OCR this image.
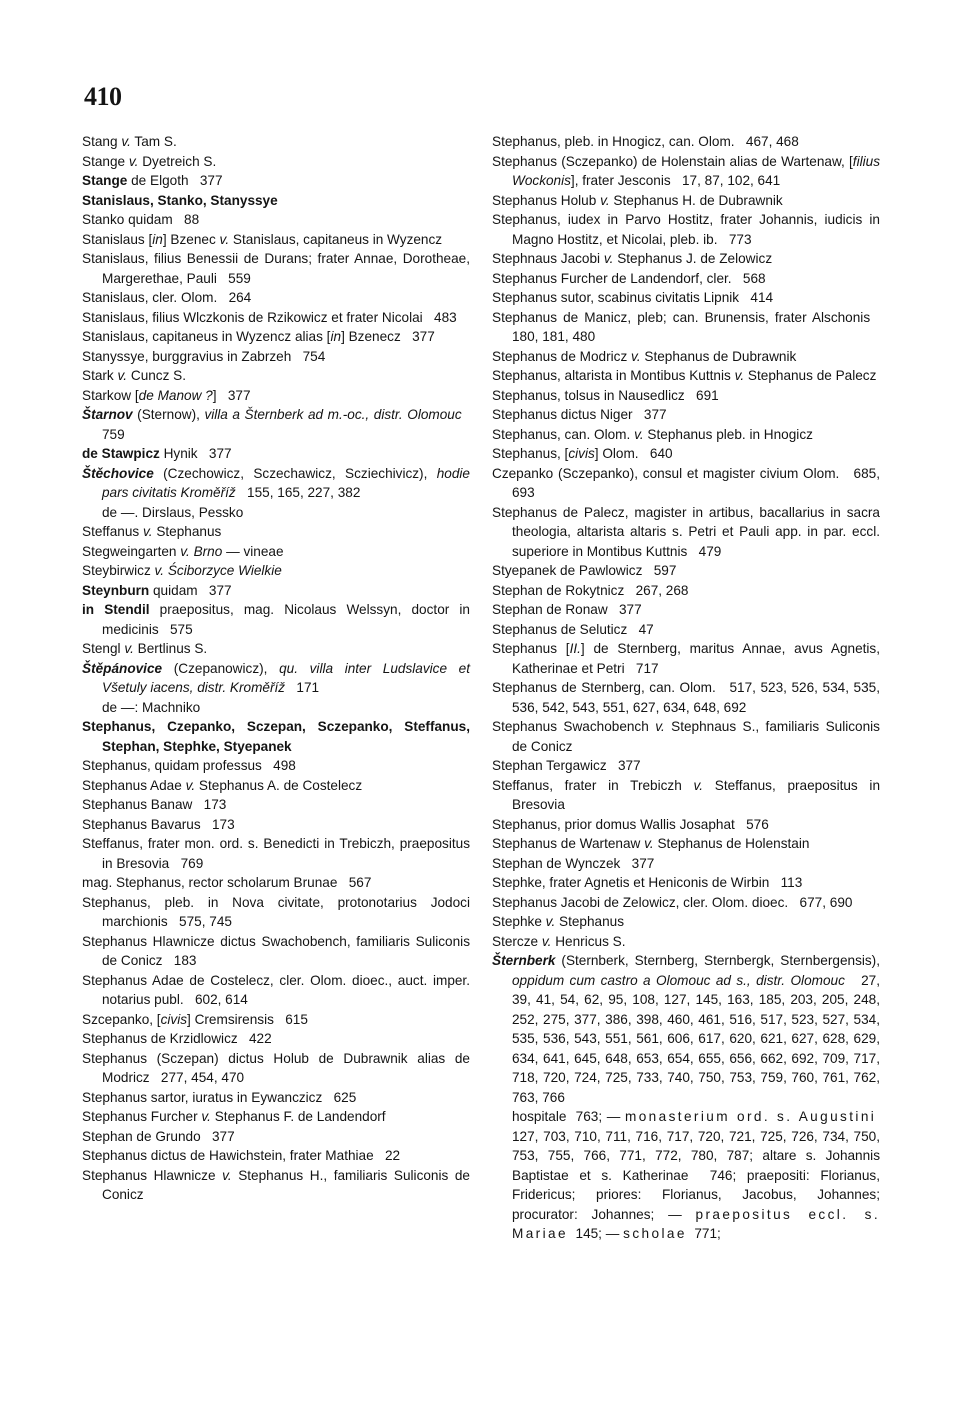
410
Stang v. Tam S.
Stange v. Dyetreich S.
Stange de Elgoth   377
Stanislaus, Stanko, Stanyssye
Stanko quidam   88
Stanislaus [in] Bzenec v. Stanislaus, capitaneus in Wyzencz
Stanislaus, filius Benessii de Durans; frater Annae, Dorotheae, Margerethae, Pauli   559
Stanislaus, cler. Olom.   264
Stanislaus, filius Wlczkonis de Rzikowicz et frater Nicolai   483
Stanislaus, capitaneus in Wyzencz alias [in] Bzenecz   377
Stanyssye, burggravius in Zabrzeh   754
Stark v. Cuncz S.
Starkow [de Manow ?]   377
Štarnov (Sternow), villa a Šternberk ad m.-oc., distr. Olomouc   759
de Stawpicz Hynik   377
Štěchovice (Czechowicz, Sczechawicz, Scziechivicz), hodie pars civitatis Kroměříž   155, 165, 227, 382
de —. Dirslaus, Pessko
Steffanus v. Stephanus
Stegweingarten v. Brno — vineae
Steybirwicz v. Ściborzyce Wielkie
Steynburn quidam   377
in Stendil praepositus, mag. Nicolaus Welssyn, doctor in medicinis   575
Stengl v. Bertlinus S.
Štěpánovice (Czepanowicz), qu. villa inter Ludslavice et Všetuly iacens, distr. Kroměříž   171
de —: Machniko
Stephanus, Czepanko, Sczepan, Sczepanko, Steffanus, Stephan, Stephke, Styepanek
Stephanus, quidam professus   498
Stephanus Adae v. Stephanus A. de Costelecz
Stephanus Banaw   173
Stephanus Bavarus   173
Steffanus, frater mon. ord. s. Benedicti in Trebiczh, praepositus in Bresovia   769
mag. Stephanus, rector scholarum Brunae   567
Stephanus, pleb. in Nova civitate, protonotarius Jodoci marchionis   575, 745
Stephanus Hlawnicze dictus Swachobench, familiaris Suliconis de Conicz   183
Stephanus Adae de Costelecz, cler. Olom. dioec., auct. imper. notarius publ.   602, 614
Szcepanko, [civis] Cremsirensis   615
Stephanus de Krzidlowicz   422
Stephanus (Sczepan) dictus Holub de Dubrawnik alias de Modricz   277, 454, 470
Stephanus sartor, iuratus in Eywanczicz   625
Stephanus Furcher v. Stephanus F. de Landendorf
Stephan de Grundo   377
Stephanus dictus de Hawichstein, frater Mathiae   22
Stephanus Hlawnicze v. Stephanus H., familiaris Suliconis de Conicz
Stephanus, pleb. in Hnogicz, can. Olom.   467, 468
Stephanus (Sczepanko) de Holenstain alias de Wartenaw, [filius Wockonis], frater Jesconis   17, 87, 102, 641
Stephanus Holub v. Stephanus H. de Dubrawnik
Stephanus, iudex in Parvo Hostitz, frater Johannis, iudicis in Magno Hostitz, et Nicolai, pleb. ib.   773
Stephnaus Jacobi v. Stephanus J. de Zelowicz
Stephanus Furcher de Landendorf, cler.   568
Stephanus sutor, scabinus civitatis Lipnik   414
Stephanus de Manicz, pleb; can. Brunensis, frater Alschonis   180, 181, 480
Stephanus de Modricz v. Stephanus de Dubrawnik
Stephanus, altarista in Montibus Kuttnis v. Stephanus de Palecz
Stephanus, tolsus in Nausedlicz   691
Stephanus dictus Niger   377
Stephanus, can. Olom. v. Stephanus pleb. in Hnogicz
Stephanus, [civis] Olom.   640
Czepanko (Sczepanko), consul et magister civium Olom.   685, 693
Stephanus de Palecz, magister in artibus, bacallarius in sacra theologia, altarista altaris s. Petri et Pauli app. in par. eccl. superiore in Montibus Kuttnis   479
Styepanek de Pawlowicz   597
Stephan de Rokytnicz   267, 268
Stephan de Ronaw   377
Stephanus de Seluticz   47
Stephanus [II.] de Sternberg, maritus Annae, avus Agnetis, Katherinae et Petri   717
Stephanus de Sternberg, can. Olom.   517, 523, 526, 534, 535, 536, 542, 543, 551, 627, 634, 648, 692
Stephanus Swachobench v. Stephnaus S., familiaris Suliconis de Conicz
Stephan Tergawicz   377
Steffanus, frater in Trebiczh v. Steffanus, praepositus in Bresovia
Stephanus, prior domus Wallis Josaphat   576
Stephanus de Wartenaw v. Stephanus de Holenstain
Stephan de Wynczek   377
Stephke, frater Agnetis et Heniconis de Wirbin   113
Stephanus Jacobi de Zelowicz, cler. Olom. dioec.   677, 690
Stephke v. Stephanus
Stercze v. Henricus S.
Šternberk (Sternberk, Sternberg, Sternbergk, Sternbergensis), oppidum cum castro a Olomouc ad s., distr. Olomouc   27, 39, 41, 54, 62, 95, 108, 127, 145, 163, 185, 203, 205, 248, 252, 275, 377, 386, 398, 460, 461, 516, 517, 523, 527, 534, 535, 536, 543, 551, 561, 606, 617, 620, 621, 627, 628, 629, 634, 641, 645, 648, 653, 654, 655, 656, 662, 692, 709, 717, 718, 720, 724, 725, 733, 740, 750, 753, 759, 760, 761, 762, 763, 766
hospitale  763; — monasterium ord. s. Augustini  127, 703, 710, 711, 716, 717, 720, 721, 725, 726, 734, 750, 753, 755, 766, 771, 772, 780, 787; altare s. Johannis Baptistae et s. Katherinae  746; praepositi: Florianus, Fridericus; priores: Florianus, Jacobus, Johannes; procurator: Johannes; — praepositus eccl. s. Mariae  145; — scholae  771;
